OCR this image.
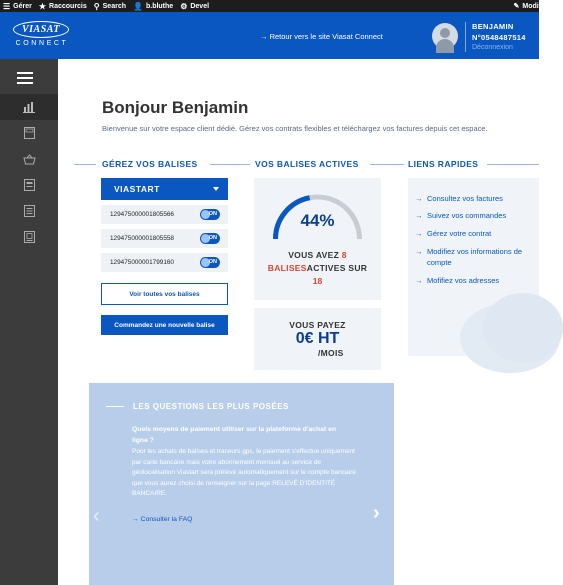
☰ Gérer ★ Raccourcis ⚲ Search 👤 b.bluthe ⚙ Devel	✎ Modifi
VIASAT
CONNECT
→ Retour vers le site Viasat Connect
BENJAMIN
N°0548487514
Déconnexion
Bonjour Benjamin
Bienvenue sur votre espace client dédié. Gérez vos contrats flexibles et téléchargez vos factures depuis cet espace.
GÉREZ VOS BALISES	VOS BALISES ACTIVES	LIENS RAPIDES
VIASTART
129475000001805566	ON
129475000001805558	ON
129475000001799160	ON
Voir toutes vos balises
Commandez une nouvelle balise
44%
VOUS AVEZ 8
BALISESACTIVES SUR
18
VOUS PAYEZ
0€ HT
/MOIS
→ Consultez vos factures
→ Suivez vos commandes
→ Gérez votre contrat
→ Modifiez vos informations de compte
→ Mofifiez vos adresses
LES QUESTIONS LES PLUS POSÉES
Quels moyens de paiement utiliser sur la plateforme d'achat en ligne ?
Pour les achats de balises et traceurs gps, le paiement s'effectue uniquement par carte bancaire mais votre abonnement mensuel au service de géolocalisation Viastart sera prélevé automatiquement sur le compte bancaire que vous aurez choisi de renseigner sur la page RELEVÉ D'IDENTITÉ BANCAIRE.
→ Consulter la FAQ
‹	›
